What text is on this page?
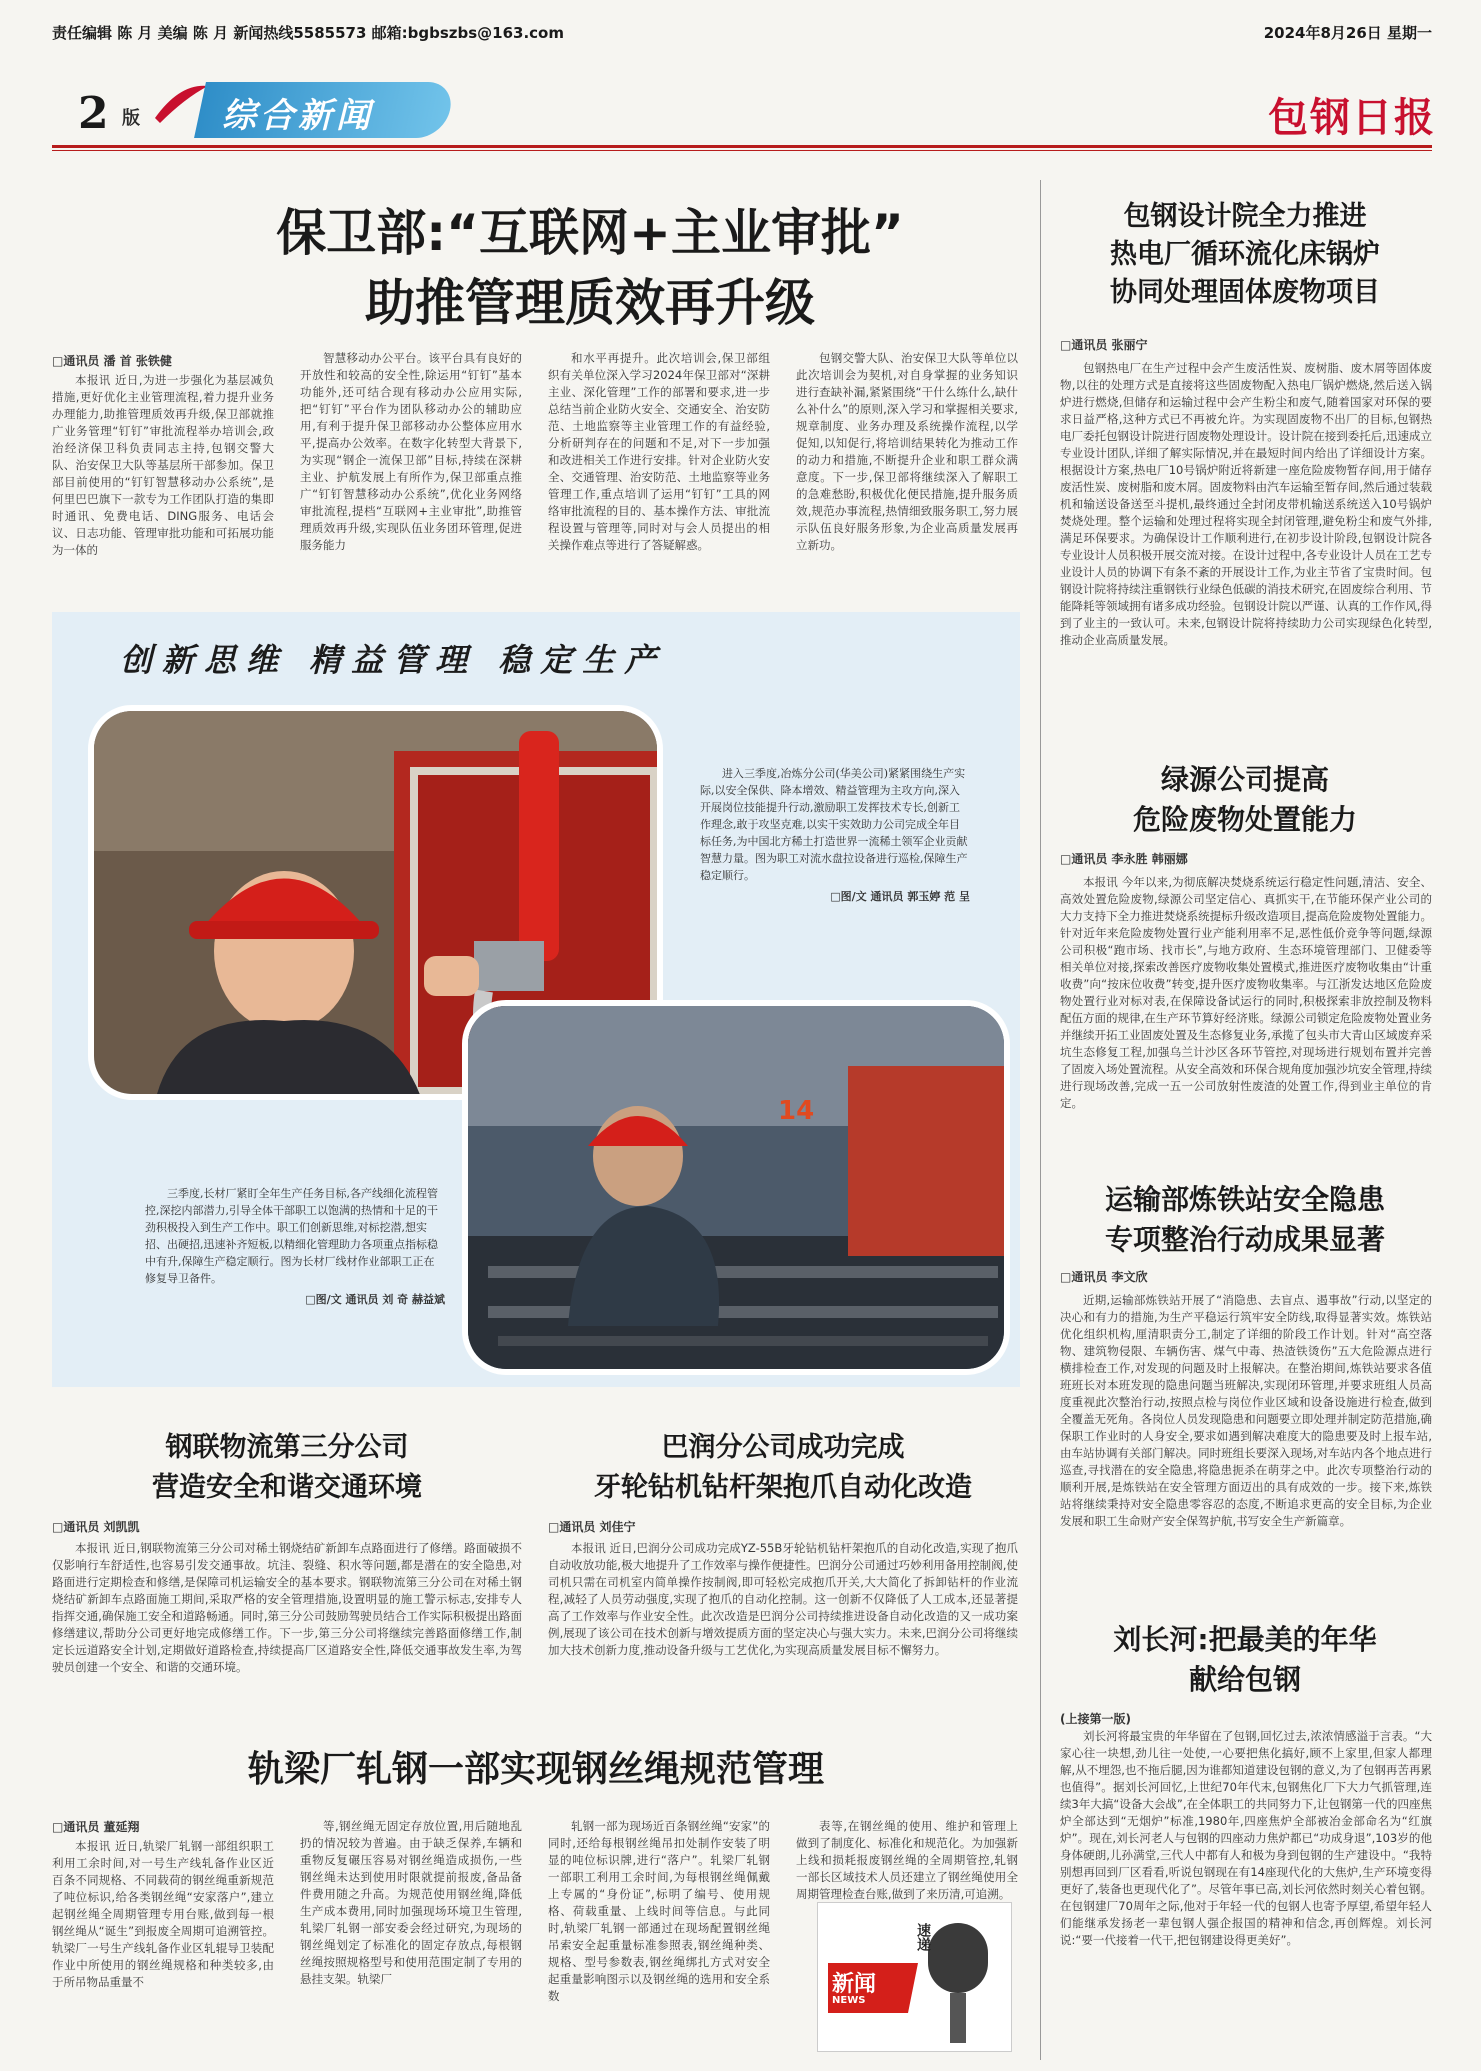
责任编辑 陈 月 美编 陈 月 新闻热线5585573 邮箱:bgbszbs@163.com	2024年8月26日 星期一
2 版 综合新闻	包钢日报
保卫部:“互联网+主业审批”
助推管理质效再升级
□通讯员 潘 首 张铁健

本报讯 近日,为进一步强化为基层减负措施,更好优化主业管理流程,着力提升业务办理能力,助推管理质效再升级,保卫部就推广业务管理“钉钉”审批流程举办培训会,政治经济保卫科负责同志主持,包钢交警大队、治安保卫大队等基层所干部参加。保卫部目前使用的“钉钉智慧移动办公系统”,是何里巴巴旗下一款专为工作团队打造的集即时通讯、免费电话、DING服务、电话会议、日志功能、管理审批功能和可拓展功能为一体的

智慧移动办公平台。该平台具有良好的开放性和较高的安全性,除运用“钉钉”基本功能外,还可结合现有移动办公应用实际,把“钉钉”平台作为团队移动办公的辅助应用,有利于提升保卫部移动办公整体应用水平,提高办公效率。在数字化转型大背景下,为实现“钢企一流保卫部”目标,持续在深耕主业、护航发展上有所作为,保卫部重点推广“钉钉智慧移动办公系统”,优化业务网络审批流程,提档“互联网+主业审批”,助推管理质效再升级,实现队伍业务团环管理,促进服务能力

和水平再提升。此次培训会,保卫部组织有关单位深入学习2024年保卫部对“深耕主业、深化管理”工作的部署和要求,进一步总结当前企业防火安全、交通安全、治安防范、土地监察等主业管理工作的有益经验,分析研判存在的问题和不足,对下一步加强和改进相关工作进行安排。针对企业防火安全、交通管理、治安防范、土地监察等业务管理工作,重点培训了运用“钉钉”工具的网络审批流程的目的、基本操作方法、审批流程设置与管理等,同时对与会人员提出的相关操作难点等进行了答疑解惑。

包钢交警大队、治安保卫大队等单位以此次培训会为契机,对自身掌握的业务知识进行查缺补漏,紧紧围绕“干什么练什么,缺什么补什么”的原则,深入学习和掌握相关要求,规章制度、业务办理及系统操作流程,以学促知,以知促行,将培训结果转化为推动工作的动力和措施,不断提升企业和职工群众满意度。下一步,保卫部将继续深入了解职工的急难愁盼,积极优化便民措施,提升服务质效,规范办事流程,热情细致服务职工,努力展示队伍良好服务形象,为企业高质量发展再立新功。

创新思维 精益管理 稳定生产

进入三季度,冶炼分公司(华美公司)紧紧围绕生产实际,以安全保供、降本增效、精益管理为主攻方向,深入开展岗位技能提升行动,激励职工发挥技术专长,创新工作理念,敢于攻坚克难,以实干实效助力公司完成全年目标任务,为中国北方稀土打造世界一流稀土领军企业贡献智慧力量。图为职工对流水盘拉设备进行巡检,保障生产稳定顺行。

□图/文 通讯员 郭玉婷 范 呈

14

三季度,长材厂紧盯全年生产任务目标,各产线细化流程管控,深挖内部潜力,引导全体干部职工以饱满的热情和十足的干劲积极投入到生产工作中。职工们创新思维,对标挖潜,想实招、出硬招,迅速补齐短板,以精细化管理助力各项重点指标稳中有升,保障生产稳定顺行。图为长材厂线材作业部职工正在修复导卫备件。

□图/文 通讯员 刘 奇 赫益斌

包钢设计院全力推进
热电厂循环流化床锅炉
协同处理固体废物项目
□通讯员 张丽宁

包钢热电厂在生产过程中会产生废活性炭、废树脂、废木屑等固体废物,以往的处理方式是直接将这些固废物配入热电厂锅炉燃烧,然后送入锅炉进行燃烧,但储存和运输过程中会产生粉尘和废气,随着国家对环保的要求日益严格,这种方式已不再被允许。为实现固废物不出厂的目标,包钢热电厂委托包钢设计院进行固废物处理设计。设计院在接到委托后,迅速成立专业设计团队,详细了解实际情况,并在最短时间内给出了详细设计方案。根据设计方案,热电厂10号锅炉附近将新建一座危险废物暂存间,用于储存废活性炭、废树脂和废木屑。固废物料由汽车运输至暂存间,然后通过装载机和输送设备送至斗提机,最终通过全封闭皮带机输送系统送入10号锅炉焚烧处理。整个运输和处理过程将实现全封闭管理,避免粉尘和废气外排,满足环保要求。为确保设计工作顺利进行,在初步设计阶段,包钢设计院各专业设计人员积极开展交流对接。在设计过程中,各专业设计人员在工艺专业设计人员的协调下有条不紊的开展设计工作,为业主节省了宝贵时间。包钢设计院将持续注重钢铁行业绿色低碳的消技术研究,在固废综合利用、节能降耗等领域拥有诸多成功经验。包钢设计院以严谨、认真的工作作风,得到了业主的一致认可。未来,包钢设计院将持续助力公司实现绿色化转型,推动企业高质量发展。

绿源公司提高
危险废物处置能力
□通讯员 李永胜 韩丽娜

本报讯 今年以来,为彻底解决焚烧系统运行稳定性问题,清洁、安全、高效处置危险废物,绿源公司坚定信心、真抓实干,在节能环保产业公司的大力支持下全力推进焚烧系统提标升级改造项目,提高危险废物处置能力。针对近年来危险废物处置行业产能利用率不足,恶性低价竞争等问题,绿源公司积极“跑市场、找市长”,与地方政府、生态环境管理部门、卫健委等相关单位对接,探索改善医疗废物收集处置模式,推进医疗废物收集由“计重收费”向“按床位收费”转变,提升医疗废物收集率。与江浙发达地区危险废物处置行业对标对表,在保障设备试运行的同时,积极探索非放控制及物料配伍方面的规律,在生产环节算好经济账。绿源公司锁定危险废物处置业务并继续开拓工业固废处置及生态修复业务,承揽了包头市大青山区域废弃采坑生态修复工程,加强乌兰计沙区各环节管控,对现场进行规划布置并完善了固废入场处置流程。从安全高效和环保合规角度加强沙坑安全管理,持续进行现场改善,完成一五一公司放射性废渣的处置工作,得到业主单位的肯定。

运输部炼铁站安全隐患
专项整治行动成果显著
□通讯员 李文欣

近期,运输部炼铁站开展了“消隐患、去盲点、遏事故”行动,以坚定的决心和有力的措施,为生产平稳运行筑牢安全防线,取得显著实效。炼铁站优化组织机构,厘清职责分工,制定了详细的阶段工作计划。针对“高空落物、建筑物侵限、车辆伤害、煤气中毒、热渣铁烫伤”五大危险源点进行横排检查工作,对发现的问题及时上报解决。在整治期间,炼铁站要求各值班班长对本班发现的隐患问题当班解决,实现闭环管理,并要求班组人员高度重视此次整治行动,按照点检与岗位作业区域和设备设施进行检查,做到全覆盖无死角。各岗位人员发现隐患和问题要立即处理并制定防范措施,确保职工作业时的人身安全,要求如遇到解决难度大的隐患要及时上报车站,由车站协调有关部门解决。同时班组长要深入现场,对车站内各个地点进行巡查,寻找潜在的安全隐患,将隐患扼杀在萌芽之中。此次专项整治行动的顺利开展,是炼铁站在安全管理方面迈出的具有成效的一步。接下来,炼铁站将继续秉持对安全隐患零容忍的态度,不断追求更高的安全目标,为企业发展和职工生命财产安全保驾护航,书写安全生产新篇章。

刘长河:把最美的年华
献给包钢
(上接第一版)

刘长河将最宝贵的年华留在了包钢,回忆过去,浓浓情感溢于言表。“大家心往一块想,劲儿往一处使,一心要把焦化搞好,顾不上家里,但家人都理解,从不埋怨,也不拖后腿,因为谁都知道建设包钢的意义,为了包钢再苦再累也值得”。据刘长河回忆,上世纪70年代末,包钢焦化厂下大力气抓管理,连续3年大搞“设备大会战”,在全体职工的共同努力下,让包钢第一代的四座焦炉全部达到“无烟炉”标准,1980年,四座焦炉全部被冶金部命名为“红旗炉”。现在,刘长河老人与包钢的四座动力焦炉都已“功成身退”,103岁的他身体硬朗,儿孙满堂,三代人中都有人和极为身到包钢的生产建设中。“我特别想再回到厂区看看,听说包钢现在有14座现代化的大焦炉,生产环境变得更好了,装备也更现代化了”。尽管年事已高,刘长河依然时刻关心着包钢。在包钢建厂70周年之际,他对于年轻一代的包钢人也寄予厚望,希望年轻人们能继承发扬老一辈包钢人强企报国的精神和信念,再创辉煌。刘长河说:“要一代接着一代干,把包钢建设得更美好”。

钢联物流第三分公司
营造安全和谐交通环境
□通讯员 刘凯凯

本报讯 近日,钢联物流第三分公司对稀土钢烧结矿新卸车点路面进行了修缮。路面破损不仅影响行车舒适性,也容易引发交通事故。坑洼、裂缝、积水等问题,都是潜在的安全隐患,对路面进行定期检查和修缮,是保障司机运输安全的基本要求。钢联物流第三分公司在对稀土钢烧结矿新卸车点路面施工期间,采取严格的安全管理措施,设置明显的施工警示标志,安排专人指挥交通,确保施工安全和道路畅通。同时,第三分公司鼓励驾驶员结合工作实际积极提出路面修缮建议,帮助分公司更好地完成修缮工作。下一步,第三分公司将继续完善路面修缮工作,制定长远道路安全计划,定期做好道路检查,持续提高厂区道路安全性,降低交通事故发生率,为驾驶员创建一个安全、和谐的交通环境。

巴润分公司成功完成
牙轮钻机钻杆架抱爪自动化改造
□通讯员 刘佳宁

本报讯 近日,巴润分公司成功完成YZ-55B牙轮钻机钻杆架抱爪的自动化改造,实现了抱爪自动收放功能,极大地提升了工作效率与操作便捷性。巴润分公司通过巧妙利用备用控制阀,使司机只需在司机室内简单操作按制阀,即可轻松完成抱爪开关,大大简化了拆卸钻杆的作业流程,减轻了人员劳动强度,实现了抱爪的自动化控制。这一创新不仅降低了人工成本,还显著提高了工作效率与作业安全性。此次改造是巴润分公司持续推进设备自动化改造的又一成功案例,展现了该公司在技术创新与增效提质方面的坚定决心与强大实力。未来,巴润分公司将继续加大技术创新力度,推动设备升级与工艺优化,为实现高质量发展目标不懈努力。

轨梁厂轧钢一部实现钢丝绳规范管理
□通讯员 董延翔

本报讯 近日,轨梁厂轧钢一部组织职工利用工余时间,对一号生产线轧备作业区近百条不同规格、不同载荷的钢丝绳重新规范了吨位标识,给各类钢丝绳“安家落户”,建立起钢丝绳全周期管理专用台账,做到每一根钢丝绳从“诞生”到报废全周期可追溯管控。轨梁厂一号生产线轧备作业区轧辊导卫装配作业中所使用的钢丝绳规格和种类较多,由于所吊物品重量不

等,钢丝绳无固定存放位置,用后随地乱扔的情况较为普遍。由于缺乏保养,车辆和重物反复碾压容易对钢丝绳造成损伤,一些钢丝绳未达到使用时限就提前报废,备品备件费用随之升高。为规范使用钢丝绳,降低生产成本费用,同时加强现场环境卫生管理,轧梁厂轧钢一部安委会经过研究,为现场的钢丝绳划定了标准化的固定存放点,每根钢丝绳按照规格型号和使用范围定制了专用的悬挂支架。轨梁厂

轧钢一部为现场近百条钢丝绳“安家”的同时,还给每根钢丝绳吊扣处制作安装了明显的吨位标识牌,进行“落户”。轧梁厂轧钢一部职工利用工余时间,为每根钢丝绳佩戴上专属的“身份证”,标明了编号、使用规格、荷载重量、上线时间等信息。与此同时,轨梁厂轧钢一部通过在现场配置钢丝绳吊索安全起重量标准参照表,钢丝绳种类、规格、型号参数表,钢丝绳绑扎方式对安全起重量影响图示以及钢丝绳的选用和安全系数

表等,在钢丝绳的使用、维护和管理上做到了制度化、标准化和规范化。为加强新上线和损耗报废钢丝绳的全周期管控,轧钢一部长区域技术人员还建立了钢丝绳使用全周期管理检查台账,做到了来历清,可追溯。

新闻
速递
NEWS
